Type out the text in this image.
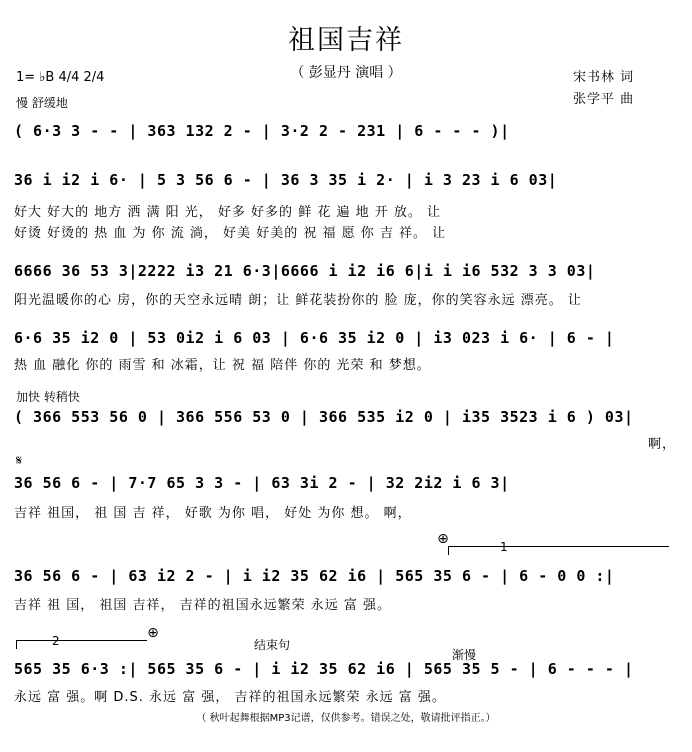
祖国吉祥
（ 彭显丹 演唱 ）
1= ♭B 4/4 2/4
慢 舒缓地
宋书林 词
张学平 曲
( 6·3 3 - - | 363 132 2 - | 3·2 2 - 231 | 6 - - - )|
36 i i2 i 6· | 5 3 56 6 - | 36 3 35 i 2· | i 3 23 i 6 03|
好大 好大的 地方 洒 满 阳 光， 好多 好多的 鲜 花 遍 地 开 放。 让
好烫 好烫的 热 血 为 你 流 淌， 好美 好美的 祝 福 愿 你 吉 祥。 让
6666 36 53 3|2222 i3 21 6·3|6666 i i2 i6 6|i i i6 532 3 3 03|
阳光温暖你的心 房，你的天空永远晴 朗；让 鲜花装扮你的 脸 庞，你的笑容永远 漂亮。 让
6·6 35 i2 0 | 53 0i2 i 6 03 | 6·6 35 i2 0 | i3 023 i 6· | 6 - |
热 血 融化 你的 雨雪 和 冰霜，让 祝 福 陪伴 你的 光荣 和 梦想。
加快 转稍快
( 366 553 56 0 | 366 556 53 0 | 366 535 i2 0 | i35 3523 i 6 ) 03|
啊，
𝄋
36 56 6 - | 7·7 65 3 3 - | 63 3i 2 - | 32 2i2 i 6 3|
吉祥 祖国， 祖 国 吉 祥， 好歌 为你 唱， 好处 为你 想。 啊，
⊕	1
36 56 6 - | 63 i2 2 - | i i2 35 62 i6 | 565 35 6 - | 6 - 0 0 :|
吉祥 祖 国， 祖国 吉祥， 吉祥的祖国永远繁荣 永远 富 强。
2	⊕
结束句
渐慢
565 35 6·3 :| 565 35 6 - | i i2 35 62 i6 | 565 35 5 - | 6 - - - |
永远 富 强。啊 D.S. 永远 富 强， 吉祥的祖国永远繁荣 永远 富 强。
（ 秋叶起舞根据MP3记谱，仅供参考。错误之处，敬请批评指正。）
